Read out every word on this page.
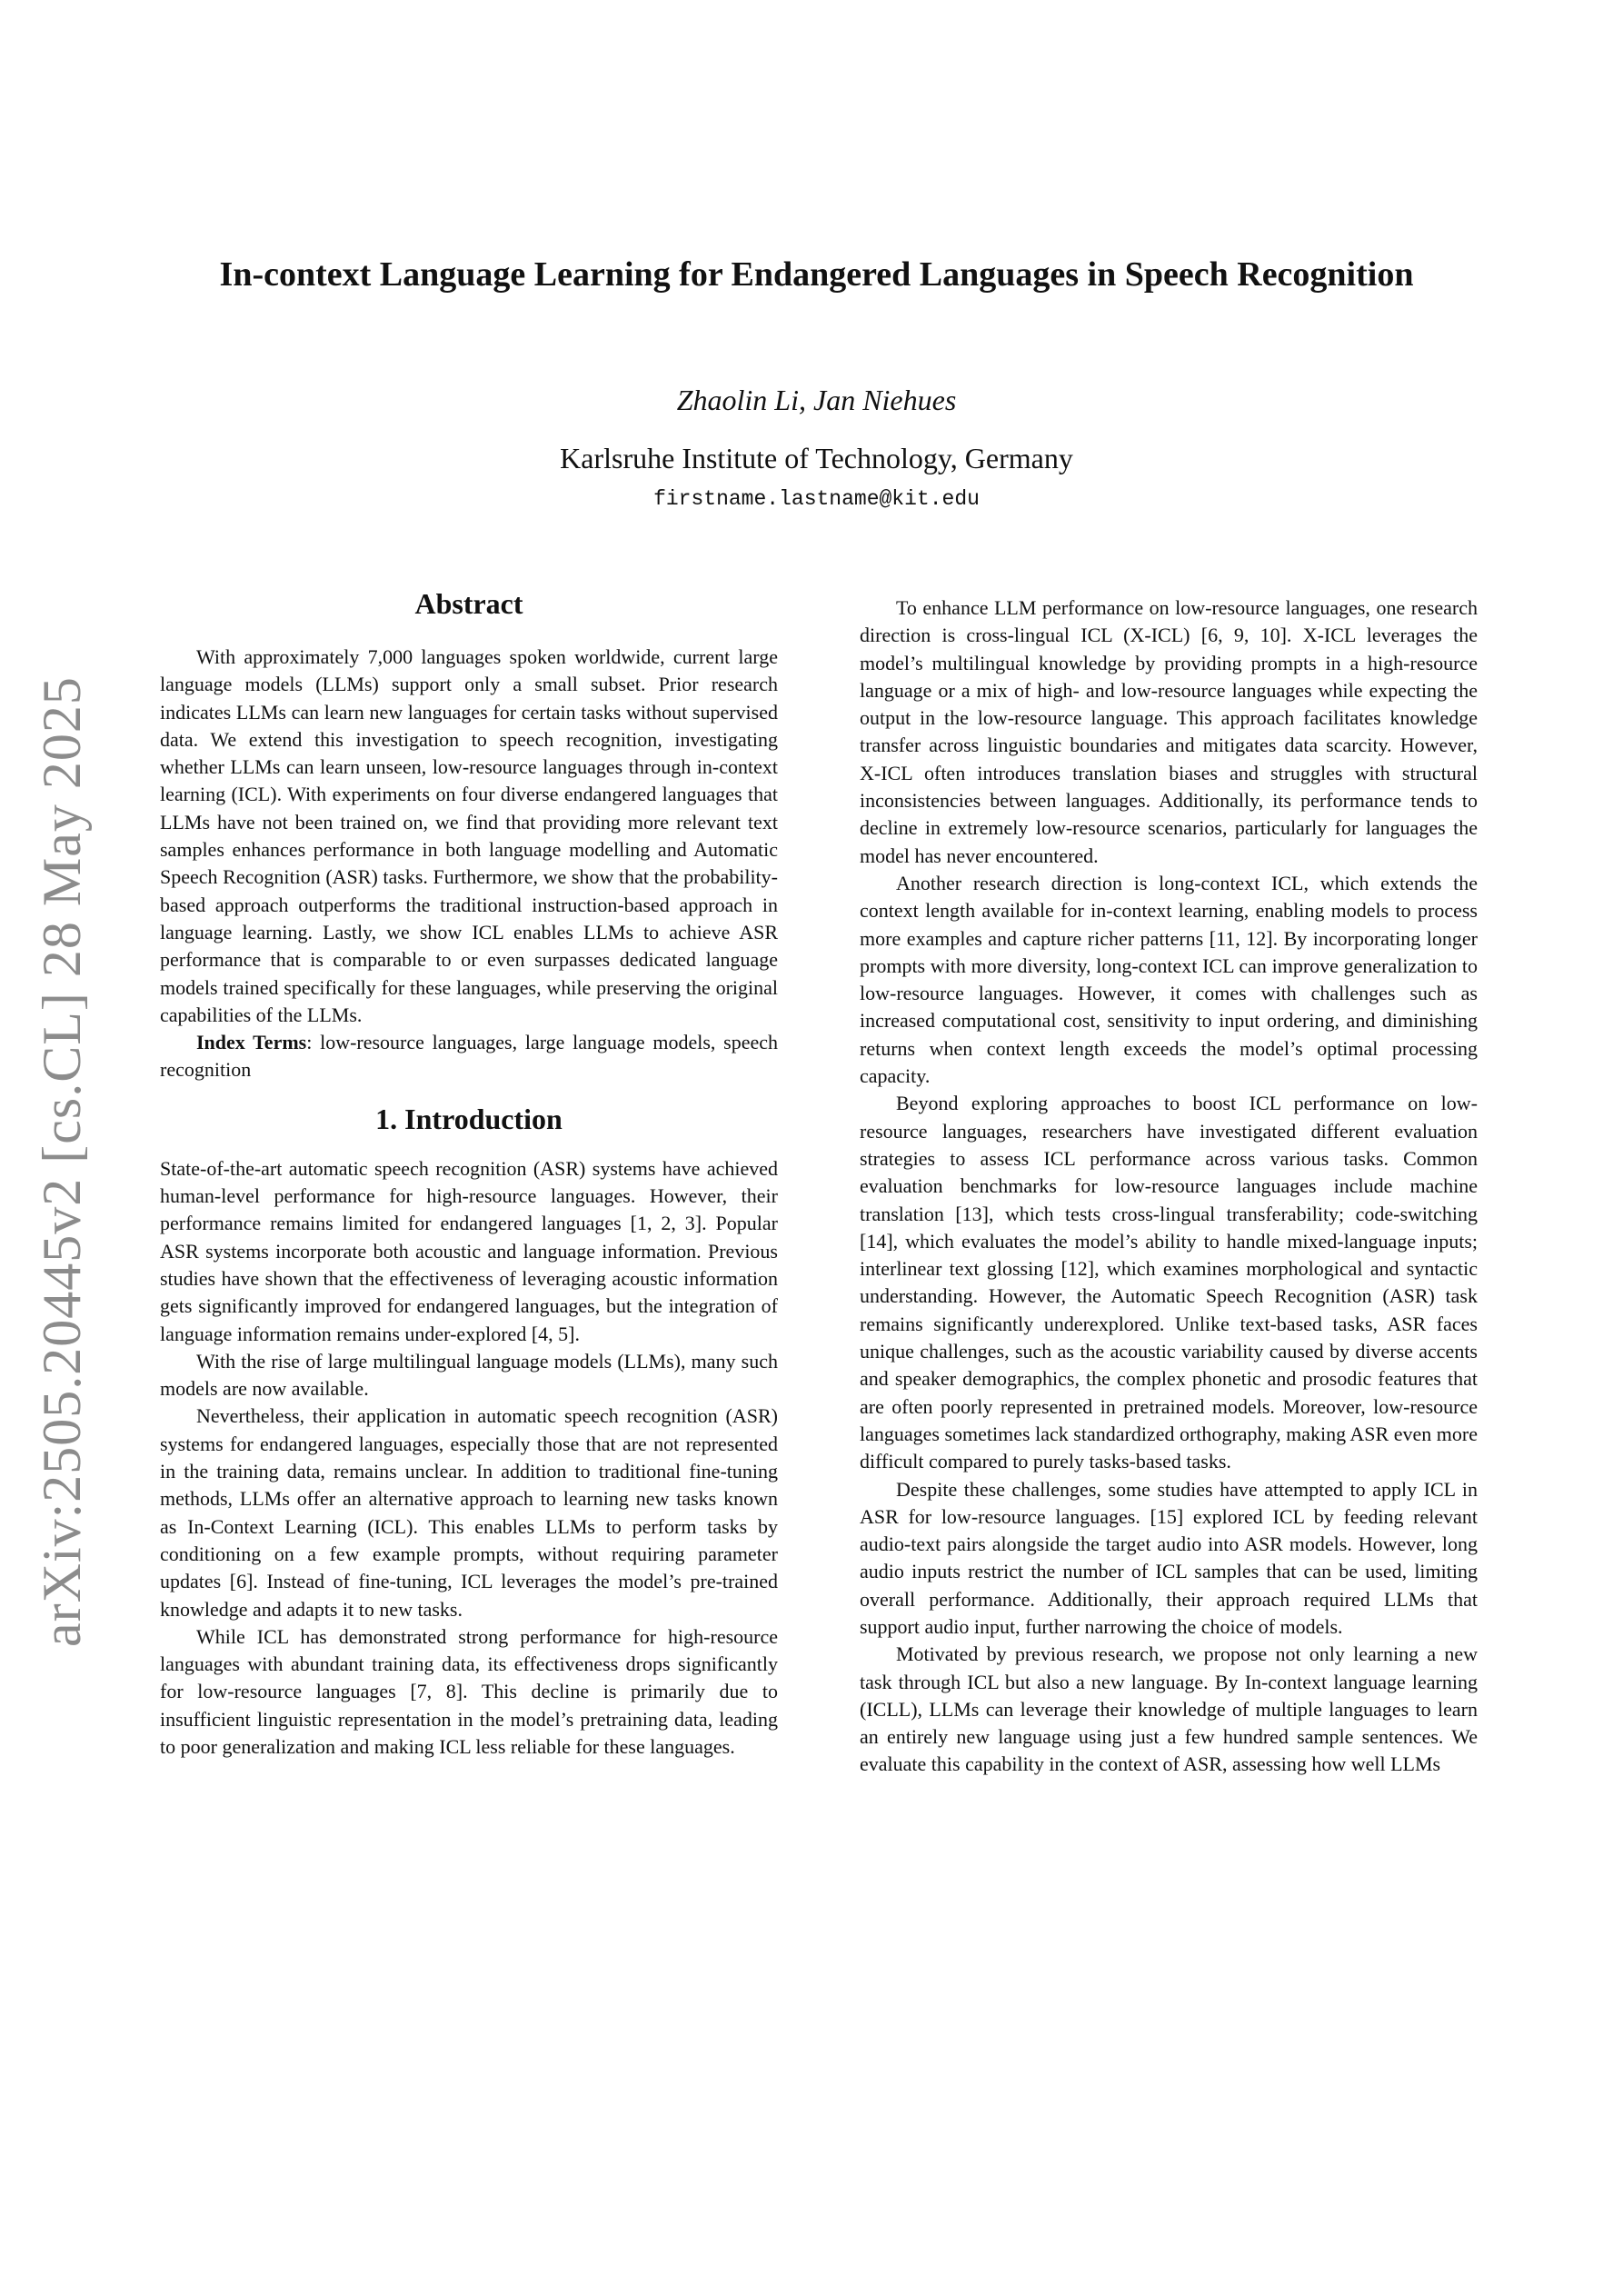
arXiv:2505.20445v2 [cs.CL] 28 May 2025
In-context Language Learning for Endangered Languages in Speech Recognition

Zhaolin Li, Jan Niehues

Karlsruhe Institute of Technology, Germany

firstname.lastname@kit.edu

Abstract

With approximately 7,000 languages spoken worldwide, current large language models (LLMs) support only a small subset. Prior research indicates LLMs can learn new languages for certain tasks without supervised data. We extend this investigation to speech recognition, investigating whether LLMs can learn unseen, low-resource languages through in-context learning (ICL). With experiments on four diverse endangered languages that LLMs have not been trained on, we find that providing more relevant text samples enhances performance in both language modelling and Automatic Speech Recognition (ASR) tasks. Furthermore, we show that the probability-based approach outperforms the traditional instruction-based approach in language learning. Lastly, we show ICL enables LLMs to achieve ASR performance that is comparable to or even surpasses dedicated language models trained specifically for these languages, while preserving the original capabilities of the LLMs.

Index Terms: low-resource languages, large language models, speech recognition

1. Introduction

State-of-the-art automatic speech recognition (ASR) systems have achieved human-level performance for high-resource languages. However, their performance remains limited for endangered languages [1, 2, 3]. Popular ASR systems incorporate both acoustic and language information. Previous studies have shown that the effectiveness of leveraging acoustic information gets significantly improved for endangered languages, but the integration of language information remains under-explored [4, 5].

With the rise of large multilingual language models (LLMs), many such models are now available.

Nevertheless, their application in automatic speech recognition (ASR) systems for endangered languages, especially those that are not represented in the training data, remains unclear. In addition to traditional fine-tuning methods, LLMs offer an alternative approach to learning new tasks known as In-Context Learning (ICL). This enables LLMs to perform tasks by conditioning on a few example prompts, without requiring parameter updates [6]. Instead of fine-tuning, ICL leverages the model’s pre-trained knowledge and adapts it to new tasks.

While ICL has demonstrated strong performance for high-resource languages with abundant training data, its effectiveness drops significantly for low-resource languages [7, 8]. This decline is primarily due to insufficient linguistic representation in the model’s pretraining data, leading to poor generalization and making ICL less reliable for these languages.

To enhance LLM performance on low-resource languages, one research direction is cross-lingual ICL (X-ICL) [6, 9, 10]. X-ICL leverages the model’s multilingual knowledge by providing prompts in a high-resource language or a mix of high- and low-resource languages while expecting the output in the low-resource language. This approach facilitates knowledge transfer across linguistic boundaries and mitigates data scarcity. However, X-ICL often introduces translation biases and struggles with structural inconsistencies between languages. Additionally, its performance tends to decline in extremely low-resource scenarios, particularly for languages the model has never encountered.

Another research direction is long-context ICL, which extends the context length available for in-context learning, enabling models to process more examples and capture richer patterns [11, 12]. By incorporating longer prompts with more diversity, long-context ICL can improve generalization to low-resource languages. However, it comes with challenges such as increased computational cost, sensitivity to input ordering, and diminishing returns when context length exceeds the model’s optimal processing capacity.

Beyond exploring approaches to boost ICL performance on low-resource languages, researchers have investigated different evaluation strategies to assess ICL performance across various tasks. Common evaluation benchmarks for low-resource languages include machine translation [13], which tests cross-lingual transferability; code-switching [14], which evaluates the model’s ability to handle mixed-language inputs; interlinear text glossing [12], which examines morphological and syntactic understanding. However, the Automatic Speech Recognition (ASR) task remains significantly underexplored. Unlike text-based tasks, ASR faces unique challenges, such as the acoustic variability caused by diverse accents and speaker demographics, the complex phonetic and prosodic features that are often poorly represented in pretrained models. Moreover, low-resource languages sometimes lack standardized orthography, making ASR even more difficult compared to purely tasks-based tasks.

Despite these challenges, some studies have attempted to apply ICL in ASR for low-resource languages. [15] explored ICL by feeding relevant audio-text pairs alongside the target audio into ASR models. However, long audio inputs restrict the number of ICL samples that can be used, limiting overall performance. Additionally, their approach required LLMs that support audio input, further narrowing the choice of models.

Motivated by previous research, we propose not only learning a new task through ICL but also a new language. By In-context language learning (ICLL), LLMs can leverage their knowledge of multiple languages to learn an entirely new language using just a few hundred sample sentences. We evaluate this capability in the context of ASR, assessing how well LLMs
